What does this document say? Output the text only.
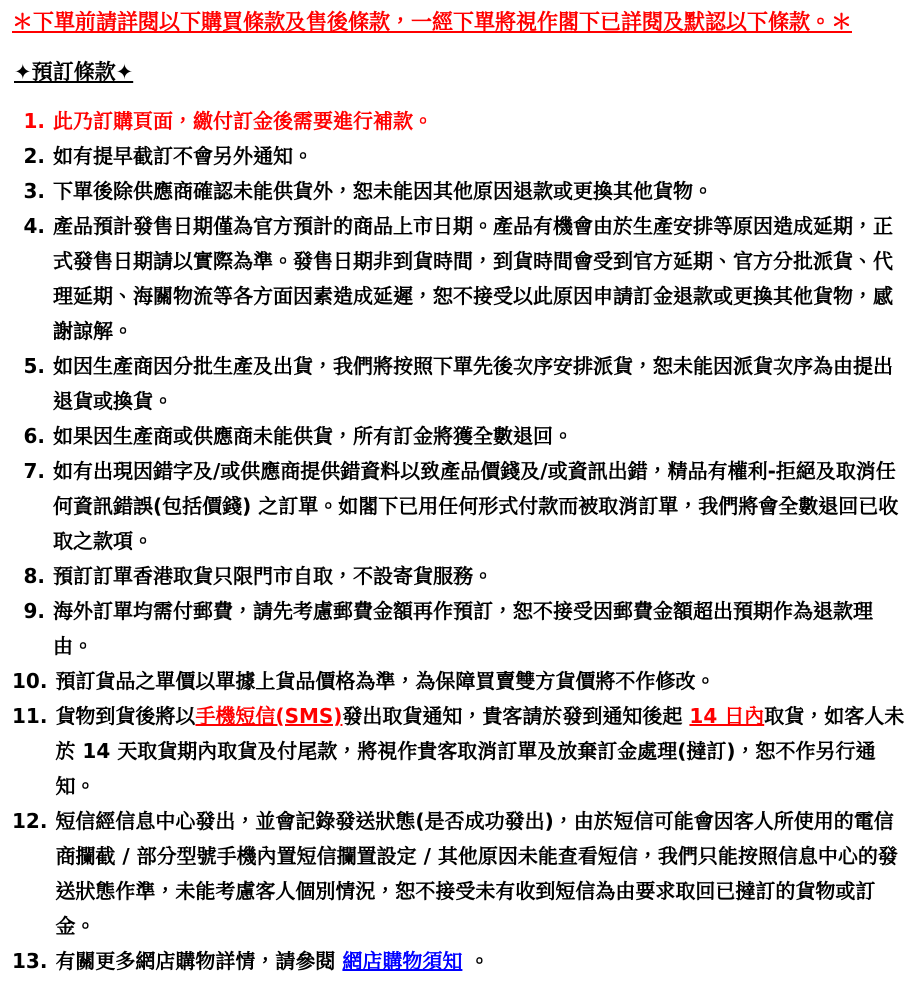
＊下單前請詳閱以下購買條款及售後條款，一經下單將視作閣下已詳閱及默認以下條款。＊

✦預訂條款✦
1. 此乃訂購頁面，繳付訂金後需要進行補款。
2. 如有提早截訂不會另外通知。
3. 下單後除供應商確認未能供貨外，恕未能因其他原因退款或更換其他貨物。
4. 產品預計發售日期僅為官方預計的商品上市日期。產品有機會由於生產安排等原因造成延期，正式發售日期請以實際為準。發售日期非到貨時間，到貨時間會受到官方延期、官方分批派貨、代理延期、海關物流等各方面因素造成延遲，恕不接受以此原因申請訂金退款或更換其他貨物，感謝諒解。
5. 如因生產商因分批生產及出貨，我們將按照下單先後次序安排派貨，恕未能因派貨次序為由提出退貨或換貨。
6. 如果因生產商或供應商未能供貨，所有訂金將獲全數退回。
7. 如有出現因錯字及/或供應商提供錯資料以致產品價錢及/或資訊出錯，精品有權利-拒絕及取消任何資訊錯誤(包括價錢) 之訂單。如閣下已用任何形式付款而被取消訂單，我們將會全數退回已收取之款項。
8. 預訂訂單香港取貨只限門市自取，不設寄貨服務。
9. 海外訂單均需付郵費，請先考慮郵費金額再作預訂，恕不接受因郵費金額超出預期作為退款理由。
10. 預訂貨品之單價以單據上貨品價格為準，為保障買賣雙方貨價將不作修改。
11. 貨物到貨後將以手機短信(SMS)發出取貨通知，貴客請於發到通知後起 14 日內取貨，如客人未於 14 天取貨期內取貨及付尾款，將視作貴客取消訂單及放棄訂金處理(撻訂)，恕不作另行通知。
12. 短信經信息中心發出，並會記錄發送狀態(是否成功發出)，由於短信可能會因客人所使用的電信商攔截 / 部分型號手機內置短信攔置設定 / 其他原因未能查看短信，我們只能按照信息中心的發送狀態作準，未能考慮客人個別情況，恕不接受未有收到短信為由要求取回已撻訂的貨物或訂金。
13. 有關更多網店購物詳情，請參閱 網店購物須知 。
